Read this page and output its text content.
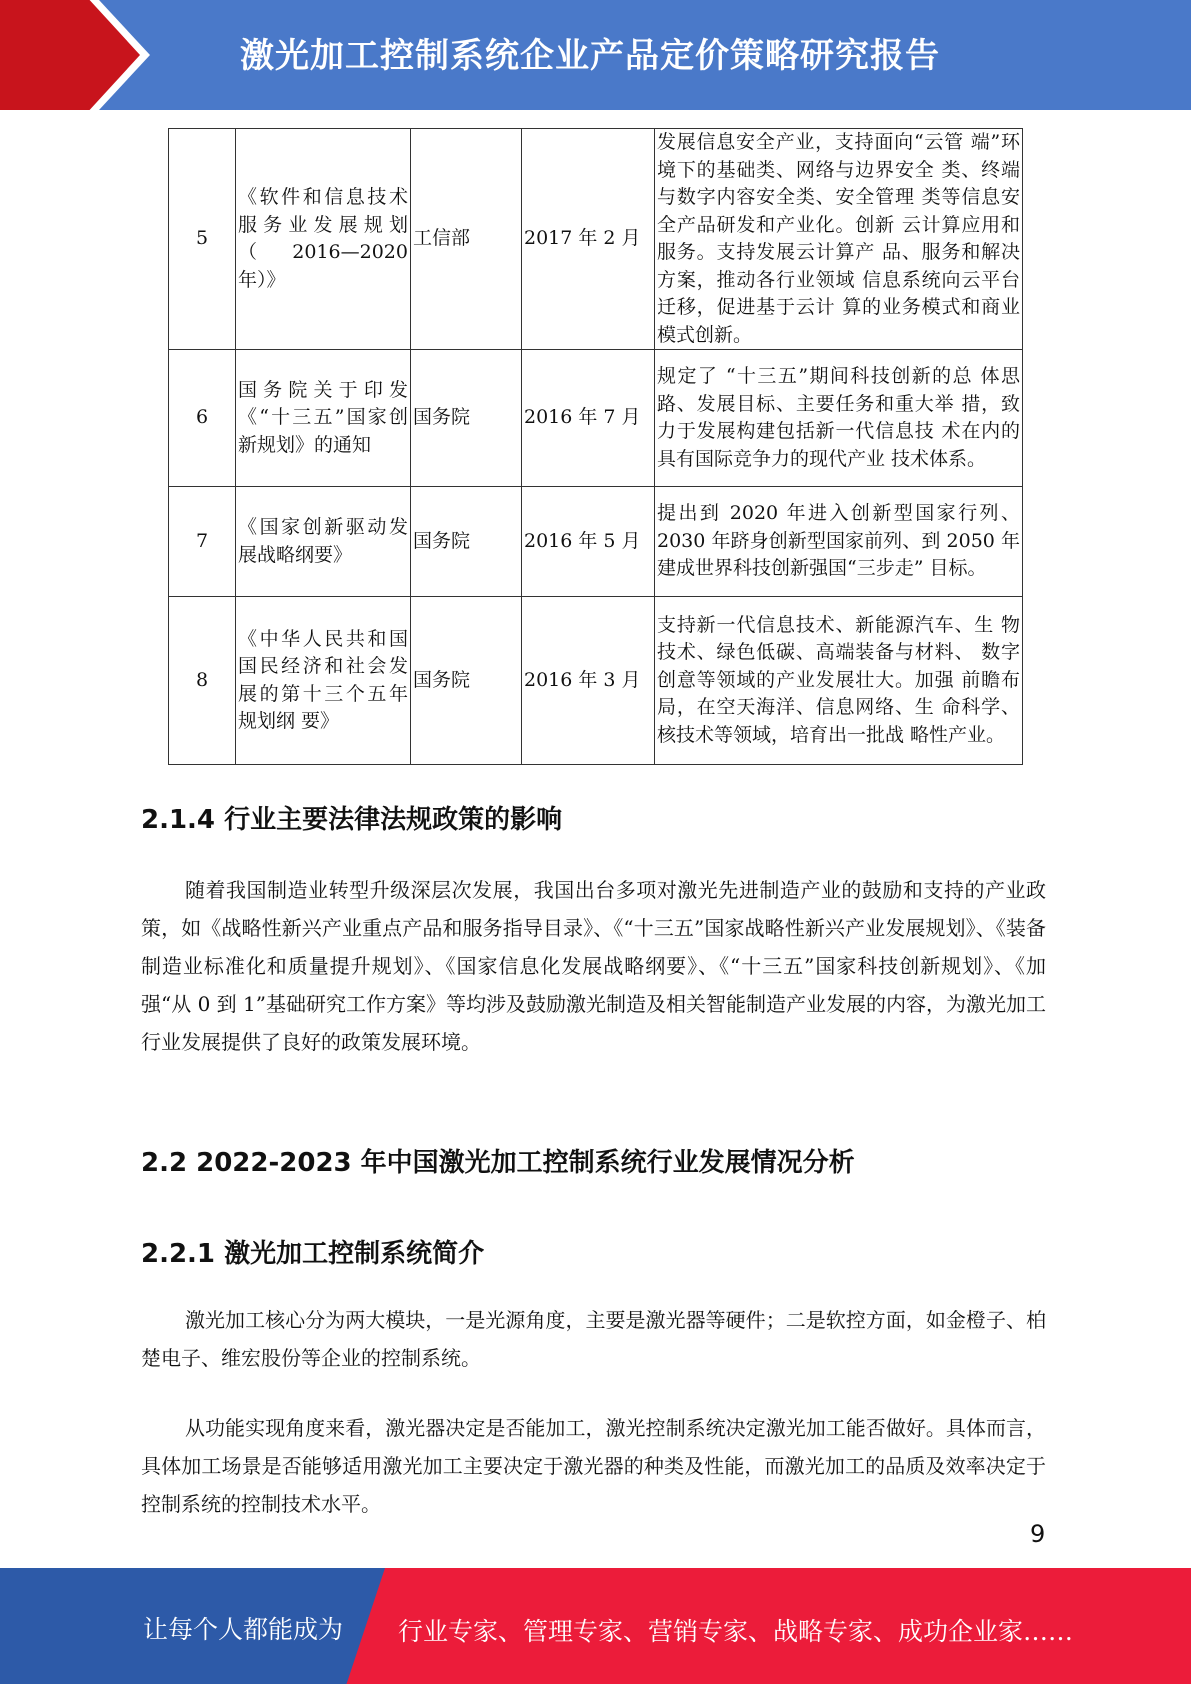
激光加工控制系统企业产品定价策略研究报告
5	《软件和信息技术服务业发展规划（2016—2020年）》	工信部	2017 年 2 月	发展信息安全产业，支持面向“云管 端”环境下的基础类、网络与边界安全 类、终端与数字内容安全类、安全管理 类等信息安全产品研发和产业化。创新 云计算应用和服务。支持发展云计算产 品、服务和解决方案，推动各行业领域 信息系统向云平台迁移，促进基于云计 算的业务模式和商业模式创新。
6	国务院关于印发《“十三五”国家创新规划》的通知	国务院	2016 年 7 月	规定了 “十三五”期间科技创新的总 体思路、发展目标、主要任务和重大举 措，致力于发展构建包括新一代信息技 术在内的具有国际竞争力的现代产业 技术体系。
7	《国家创新驱动发展战略纲要》	国务院	2016 年 5 月	提出到 2020 年进入创新型国家行列、2030 年跻身创新型国家前列、到 2050 年建成世界科技创新强国“三步走” 目标。
8	《中华人民共和国国民经济和社会发展的第十三个五年规划纲 要》	国务院	2016 年 3 月	支持新一代信息技术、新能源汽车、生 物技术、绿色低碳、高端装备与材料、 数字创意等领域的产业发展壮大。加强 前瞻布局，在空天海洋、信息网络、生 命科学、核技术等领域，培育出一批战 略性产业。
2.1.4 行业主要法律法规政策的影响
随着我国制造业转型升级深层次发展，我国出台多项对激光先进制造产业的鼓励和支持的产业政策，如《战略性新兴产业重点产品和服务指导目录》、《“十三五”国家战略性新兴产业发展规划》、《装备制造业标准化和质量提升规划》、《国家信息化发展战略纲要》、《“十三五”国家科技创新规划》、《加强“从 0 到 1”基础研究工作方案》等均涉及鼓励激光制造及相关智能制造产业发展的内容，为激光加工行业发展提供了良好的政策发展环境。
2.2 2022-2023 年中国激光加工控制系统行业发展情况分析
2.2.1 激光加工控制系统简介
激光加工核心分为两大模块，一是光源角度，主要是激光器等硬件；二是软控方面，如金橙子、柏楚电子、维宏股份等企业的控制系统。
从功能实现角度来看，激光器决定是否能加工，激光控制系统决定激光加工能否做好。具体而言，具体加工场景是否能够适用激光加工主要决定于激光器的种类及性能，而激光加工的品质及效率决定于控制系统的控制技术水平。
9
让每个人都能成为 行业专家、管理专家、营销专家、战略专家、成功企业家……
